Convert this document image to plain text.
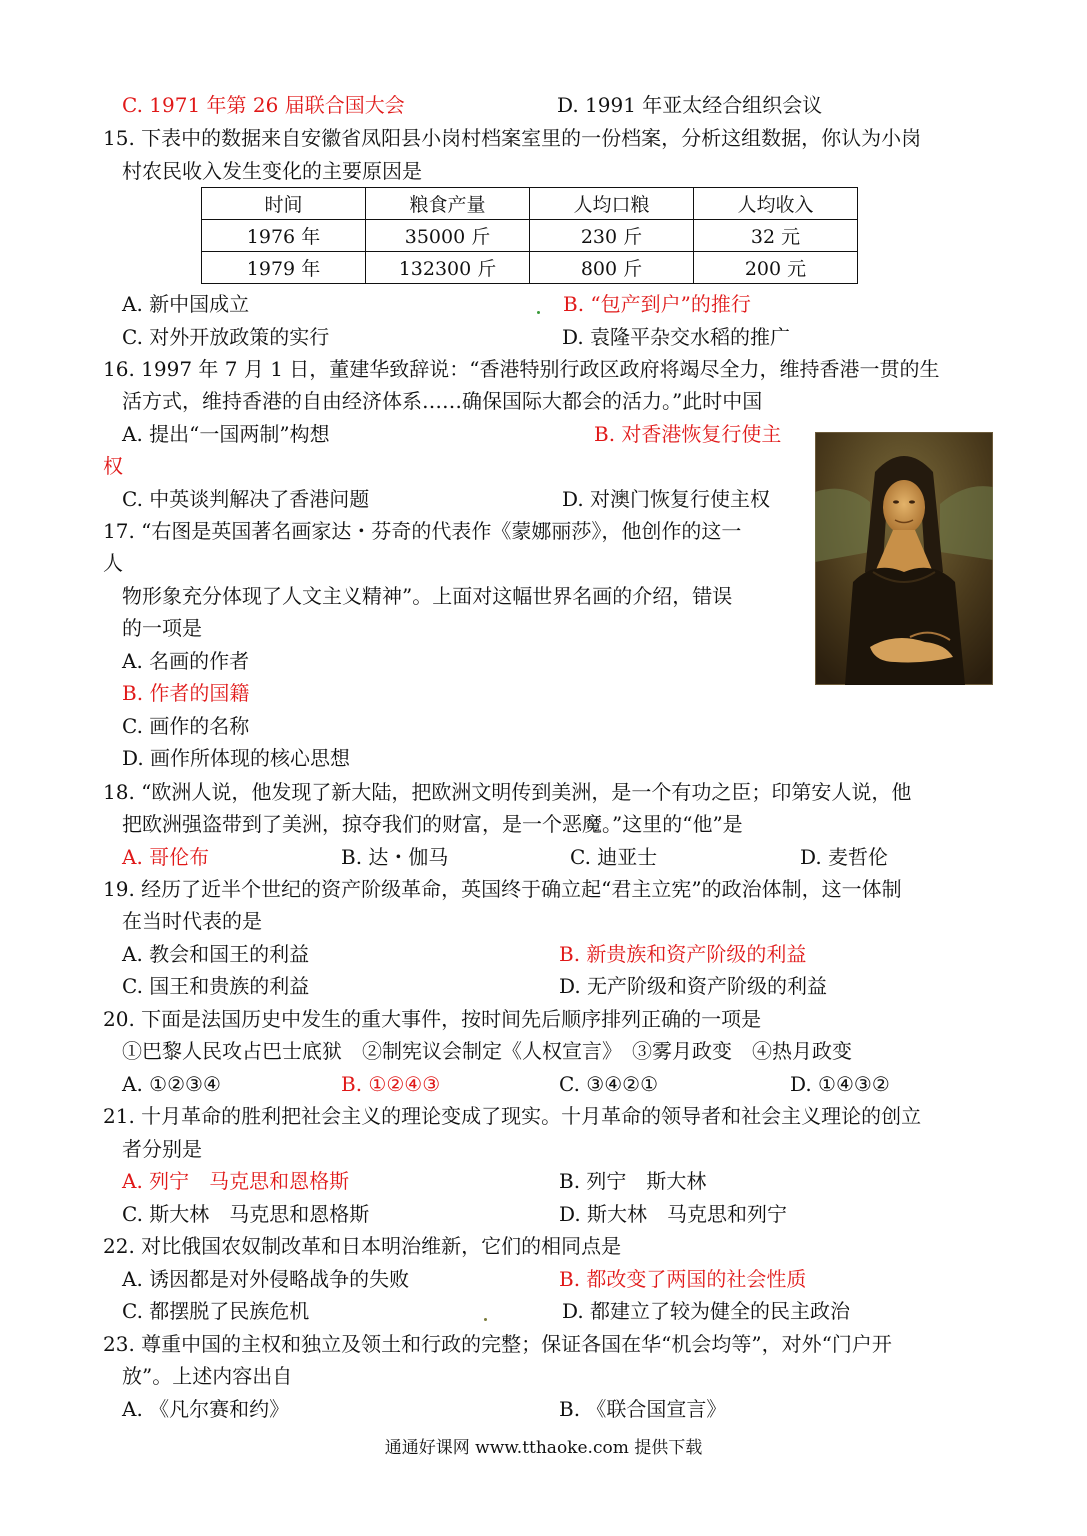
C. 1971 年第 26 届联合国大会	D. 1991 年亚太经合组织会议
15. 下表中的数据来自安徽省凤阳县小岗村档案室里的一份档案，分析这组数据，你认为小岗
村农民收入发生变化的主要原因是
时间	粮食产量	人均口粮	人均收入
1976 年	35000 斤	230 斤	32 元
1979 年	132300 斤	800 斤	200 元
A. 新中国成立	B. “包产到户”的推行
C. 对外开放政策的实行	D. 袁隆平杂交水稻的推广
16. 1997 年 7 月 1 日，董建华致辞说：“香港特别行政区政府将竭尽全力，维持香港一贯的生
活方式，维持香港的自由经济体系……确保国际大都会的活力。”此时中国
A. 提出“一国两制”构想	B. 对香港恢复行使主
权
C. 中英谈判解决了香港问题	D. 对澳门恢复行使主权
17. “右图是英国著名画家达・芬奇的代表作《蒙娜丽莎》，他创作的这一
人
物形象充分体现了人文主义精神”。上面对这幅世界名画的介绍，错误
的一项是
A. 名画的作者
B. 作者的国籍
C. 画作的名称
D. 画作所体现的核心思想
18. “欧洲人说，他发现了新大陆，把欧洲文明传到美洲，是一个有功之臣；印第安人说，他
把欧洲强盗带到了美洲，掠夺我们的财富，是一个恶魔。”这里的“他”是
A. 哥伦布	B. 达・伽马	C. 迪亚士	D. 麦哲伦
19. 经历了近半个世纪的资产阶级革命，英国终于确立起“君主立宪”的政治体制，这一体制
在当时代表的是
A. 教会和国王的利益	B. 新贵族和资产阶级的利益
C. 国王和贵族的利益	D. 无产阶级和资产阶级的利益
20. 下面是法国历史中发生的重大事件，按时间先后顺序排列正确的一项是
①巴黎人民攻占巴士底狱　②制宪议会制定《人权宣言》　③雾月政变　④热月政变
A. ①②③④	B. ①②④③	C. ③④②①	D. ①④③②
21. 十月革命的胜利把社会主义的理论变成了现实。十月革命的领导者和社会主义理论的创立
者分别是
A. 列宁　马克思和恩格斯	B. 列宁　斯大林
C. 斯大林　马克思和恩格斯	D. 斯大林　马克思和列宁
22. 对比俄国农奴制改革和日本明治维新，它们的相同点是
A. 诱因都是对外侵略战争的失败	B. 都改变了两国的社会性质
C. 都摆脱了民族危机	D. 都建立了较为健全的民主政治
23. 尊重中国的主权和独立及领土和行政的完整；保证各国在华“机会均等”，对外“门户开
放”。上述内容出自
A. 《凡尔赛和约》	B. 《联合国宣言》
通通好课网 www.tthaoke.com 提供下载
